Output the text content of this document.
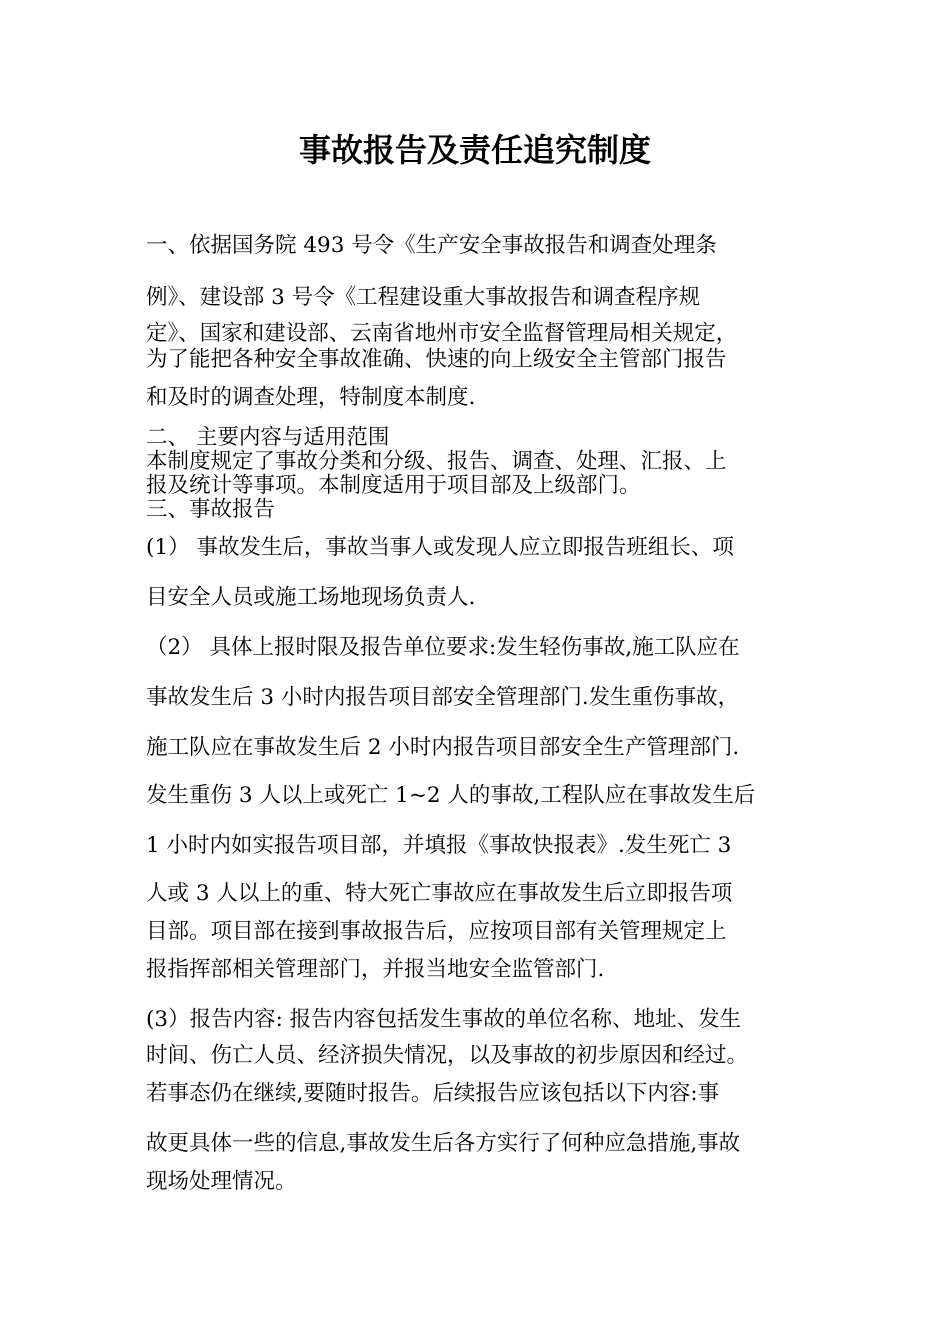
事故报告及责任追究制度

一、依据国务院 493 号令《生产安全事故报告和调查处理条

例》、建设部 3 号令《工程建设重大事故报告和调查程序规

定》、国家和建设部、云南省地州市安全监督管理局相关规定，

为了能把各种安全事故准确、快速的向上级安全主管部门报告

和及时的调查处理，特制度本制度.

二、 主要内容与适用范围

本制度规定了事故分类和分级、报告、调查、处理、汇报、上

报及统计等事项。本制度适用于项目部及上级部门。

三、事故报告

(1） 事故发生后，事故当事人或发现人应立即报告班组长、项

目安全人员或施工场地现场负责人.

（2） 具体上报时限及报告单位要求:发生轻伤事故,施工队应在

事故发生后 3 小时内报告项目部安全管理部门.发生重伤事故，

施工队应在事故发生后 2 小时内报告项目部安全生产管理部门.

发生重伤 3 人以上或死亡 1~2 人的事故,工程队应在事故发生后

1 小时内如实报告项目部，并填报《事故快报表》.发生死亡 3

人或 3 人以上的重、特大死亡事故应在事故发生后立即报告项

目部。项目部在接到事故报告后，应按项目部有关管理规定上

报指挥部相关管理部门，并报当地安全监管部门.

(3）报告内容: 报告内容包括发生事故的单位名称、地址、发生

时间、伤亡人员、经济损失情况，以及事故的初步原因和经过。

若事态仍在继续,要随时报告。后续报告应该包括以下内容:事

故更具体一些的信息,事故发生后各方实行了何种应急措施,事故

现场处理情况。
